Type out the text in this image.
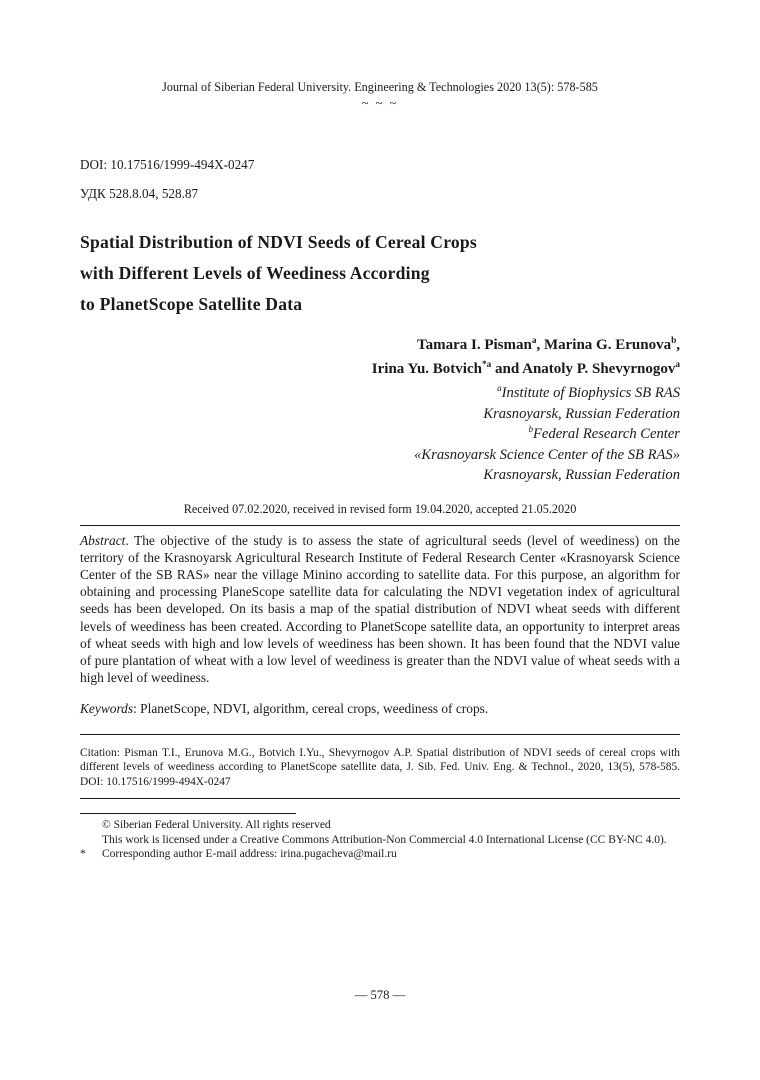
Journal of Siberian Federal University. Engineering & Technologies 2020 13(5): 578-585
~ ~ ~
DOI: 10.17516/1999-494X-0247
УДК 528.8.04, 528.87
Spatial Distribution of NDVI Seeds of Cereal Crops
with Different Levels of Weediness According
to PlanetScope Satellite Data
Tamara I. Pisman$^a$, Marina G. Erunova$^b$,
Irina Yu. Botvich$^{*a}$ and Anatoly P. Shevyrnogov$^a$
$^a$Institute of Biophysics SB RAS
Krasnoyarsk, Russian Federation
$^b$Federal Research Center
«Krasnoyarsk Science Center of the SB RAS»
Krasnoyarsk, Russian Federation
Received 07.02.2020, received in revised form 19.04.2020, accepted 21.05.2020

Abstract. The objective of the study is to assess the state of agricultural seeds (level of weediness) on the territory of the Krasnoyarsk Agricultural Research Institute of Federal Research Center «Krasnoyarsk Science Center of the SB RAS» near the village Minino according to satellite data. For this purpose, an algorithm for obtaining and processing PlaneScope satellite data for calculating the NDVI vegetation index of agricultural seeds has been developed. On its basis a map of the spatial distribution of NDVI wheat seeds with different levels of weediness has been created. According to PlanetScope satellite data, an opportunity to interpret areas of wheat seeds with high and low levels of weediness has been shown. It has been found that the NDVI value of pure plantation of wheat with a low level of weediness is greater than the NDVI value of wheat seeds with a high level of weediness.

Keywords: PlanetScope, NDVI, algorithm, cereal crops, weediness of crops.

Citation: Pisman T.I., Erunova M.G., Botvich I.Yu., Shevyrnogov A.P. Spatial distribution of NDVI seeds of cereal crops with different levels of weediness according to PlanetScope satellite data, J. Sib. Fed. Univ. Eng. & Technol., 2020, 13(5), 578-585. DOI: 10.17516/1999-494X-0247

© Siberian Federal University. All rights reserved
This work is licensed under a Creative Commons Attribution-Non Commercial 4.0 International License (CC BY-NC 4.0).
* Corresponding author E-mail address: irina.pugacheva@mail.ru
— 578 —
